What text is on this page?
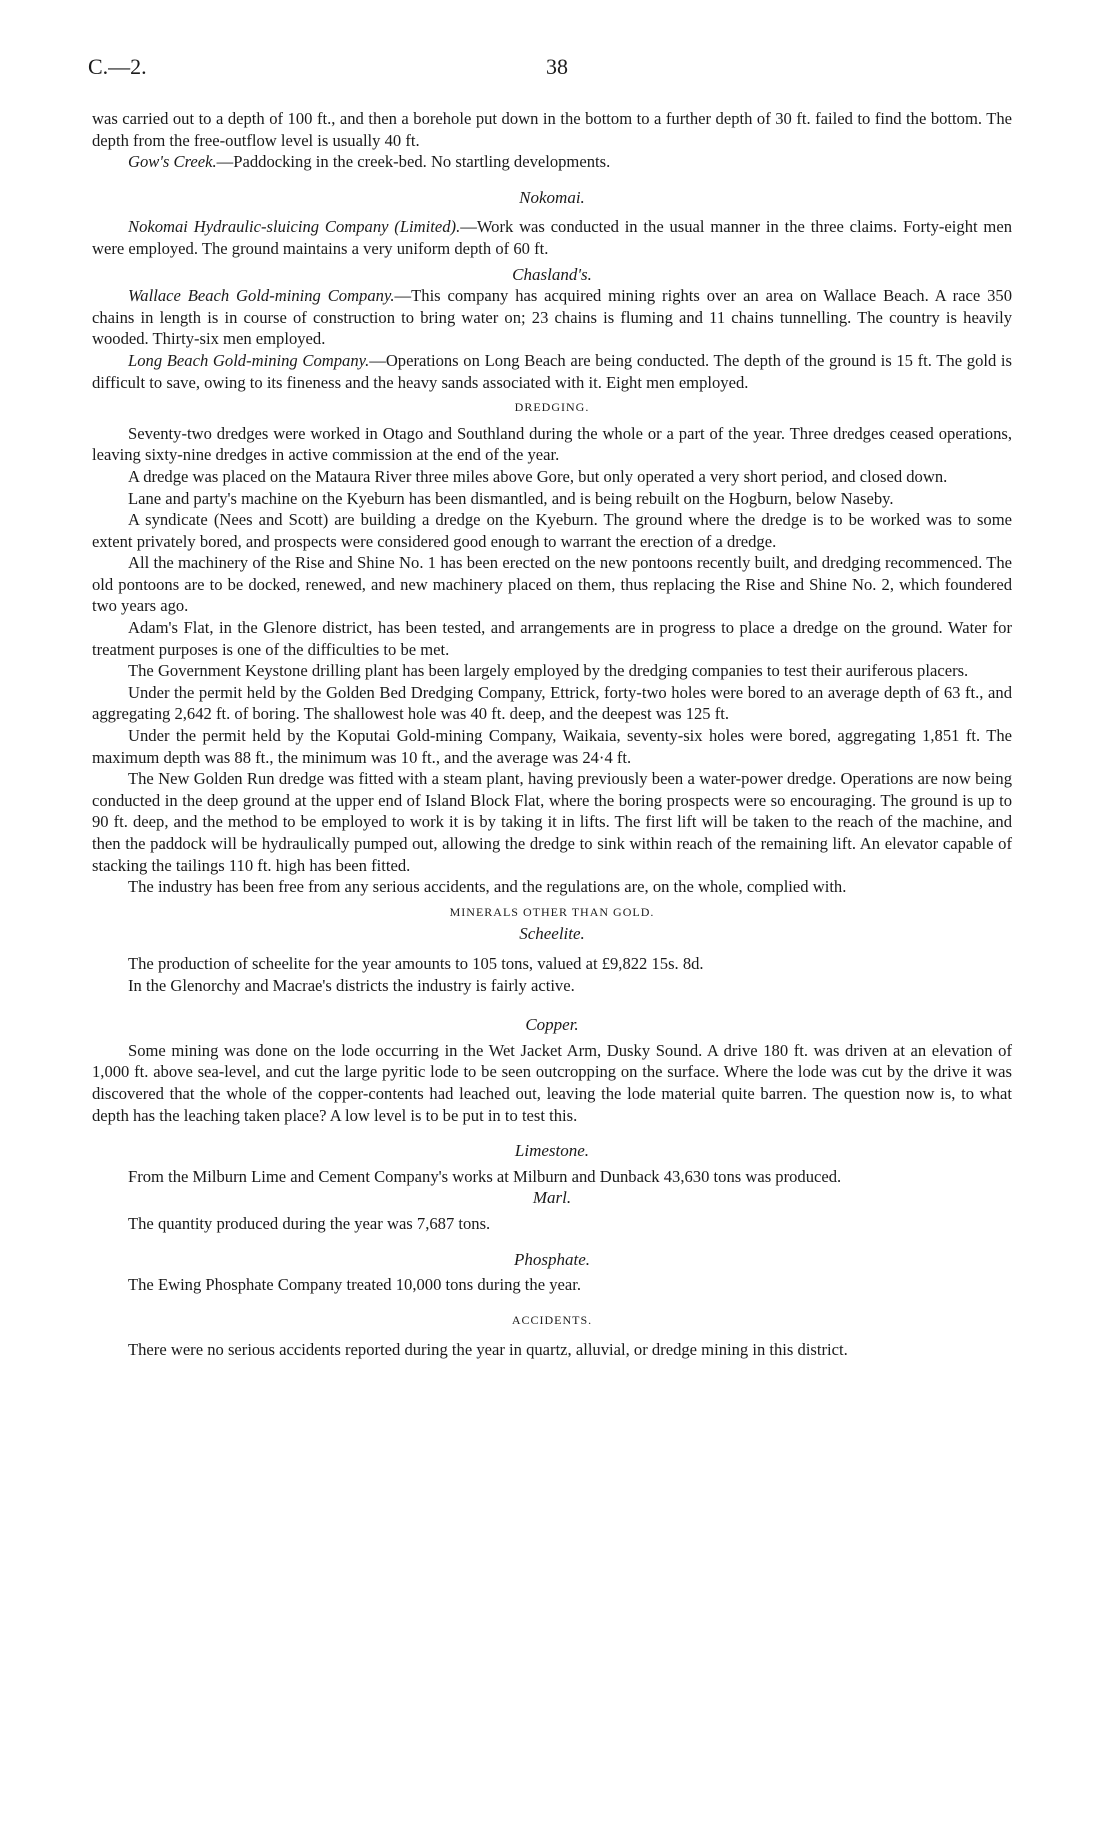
C.—2.	38

was carried out to a depth of 100 ft., and then a borehole put down in the bottom to a further depth of 30 ft. failed to find the bottom. The depth from the free-outflow level is usually 40 ft.

Gow's Creek.—Paddocking in the creek-bed. No startling developments.

Nokomai.

Nokomai Hydraulic-sluicing Company (Limited).—Work was conducted in the usual manner in the three claims. Forty-eight men were employed. The ground maintains a very uniform depth of 60 ft.

Chasland's.

Wallace Beach Gold-mining Company.—This company has acquired mining rights over an area on Wallace Beach. A race 350 chains in length is in course of construction to bring water on; 23 chains is fluming and 11 chains tunnelling. The country is heavily wooded. Thirty-six men employed.

Long Beach Gold-mining Company.—Operations on Long Beach are being conducted. The depth of the ground is 15 ft. The gold is difficult to save, owing to its fineness and the heavy sands associated with it. Eight men employed.

DREDGING.

Seventy-two dredges were worked in Otago and Southland during the whole or a part of the year. Three dredges ceased operations, leaving sixty-nine dredges in active commission at the end of the year.

A dredge was placed on the Mataura River three miles above Gore, but only operated a very short period, and closed down.

Lane and party's machine on the Kyeburn has been dismantled, and is being rebuilt on the Hogburn, below Naseby.

A syndicate (Nees and Scott) are building a dredge on the Kyeburn. The ground where the dredge is to be worked was to some extent privately bored, and prospects were considered good enough to warrant the erection of a dredge.

All the machinery of the Rise and Shine No. 1 has been erected on the new pontoons recently built, and dredging recommenced. The old pontoons are to be docked, renewed, and new machinery placed on them, thus replacing the Rise and Shine No. 2, which foundered two years ago.

Adam's Flat, in the Glenore district, has been tested, and arrangements are in progress to place a dredge on the ground. Water for treatment purposes is one of the difficulties to be met.

The Government Keystone drilling plant has been largely employed by the dredging companies to test their auriferous placers.

Under the permit held by the Golden Bed Dredging Company, Ettrick, forty-two holes were bored to an average depth of 63 ft., and aggregating 2,642 ft. of boring. The shallowest hole was 40 ft. deep, and the deepest was 125 ft.

Under the permit held by the Koputai Gold-mining Company, Waikaia, seventy-six holes were bored, aggregating 1,851 ft. The maximum depth was 88 ft., the minimum was 10 ft., and the average was 24·4 ft.

The New Golden Run dredge was fitted with a steam plant, having previously been a water-power dredge. Operations are now being conducted in the deep ground at the upper end of Island Block Flat, where the boring prospects were so encouraging. The ground is up to 90 ft. deep, and the method to be employed to work it is by taking it in lifts. The first lift will be taken to the reach of the machine, and then the paddock will be hydraulically pumped out, allowing the dredge to sink within reach of the remaining lift. An elevator capable of stacking the tailings 110 ft. high has been fitted.

The industry has been free from any serious accidents, and the regulations are, on the whole, complied with.

MINERALS OTHER THAN GOLD.
Scheelite.

The production of scheelite for the year amounts to 105 tons, valued at £9,822 15s. 8d.

In the Glenorchy and Macrae's districts the industry is fairly active.

Copper.

Some mining was done on the lode occurring in the Wet Jacket Arm, Dusky Sound. A drive 180 ft. was driven at an elevation of 1,000 ft. above sea-level, and cut the large pyritic lode to be seen outcropping on the surface. Where the lode was cut by the drive it was discovered that the whole of the copper-contents had leached out, leaving the lode material quite barren. The question now is, to what depth has the leaching taken place? A low level is to be put in to test this.

Limestone.

From the Milburn Lime and Cement Company's works at Milburn and Dunback 43,630 tons was produced.

Marl.

The quantity produced during the year was 7,687 tons.

Phosphate.

The Ewing Phosphate Company treated 10,000 tons during the year.

ACCIDENTS.

There were no serious accidents reported during the year in quartz, alluvial, or dredge mining in this district.
